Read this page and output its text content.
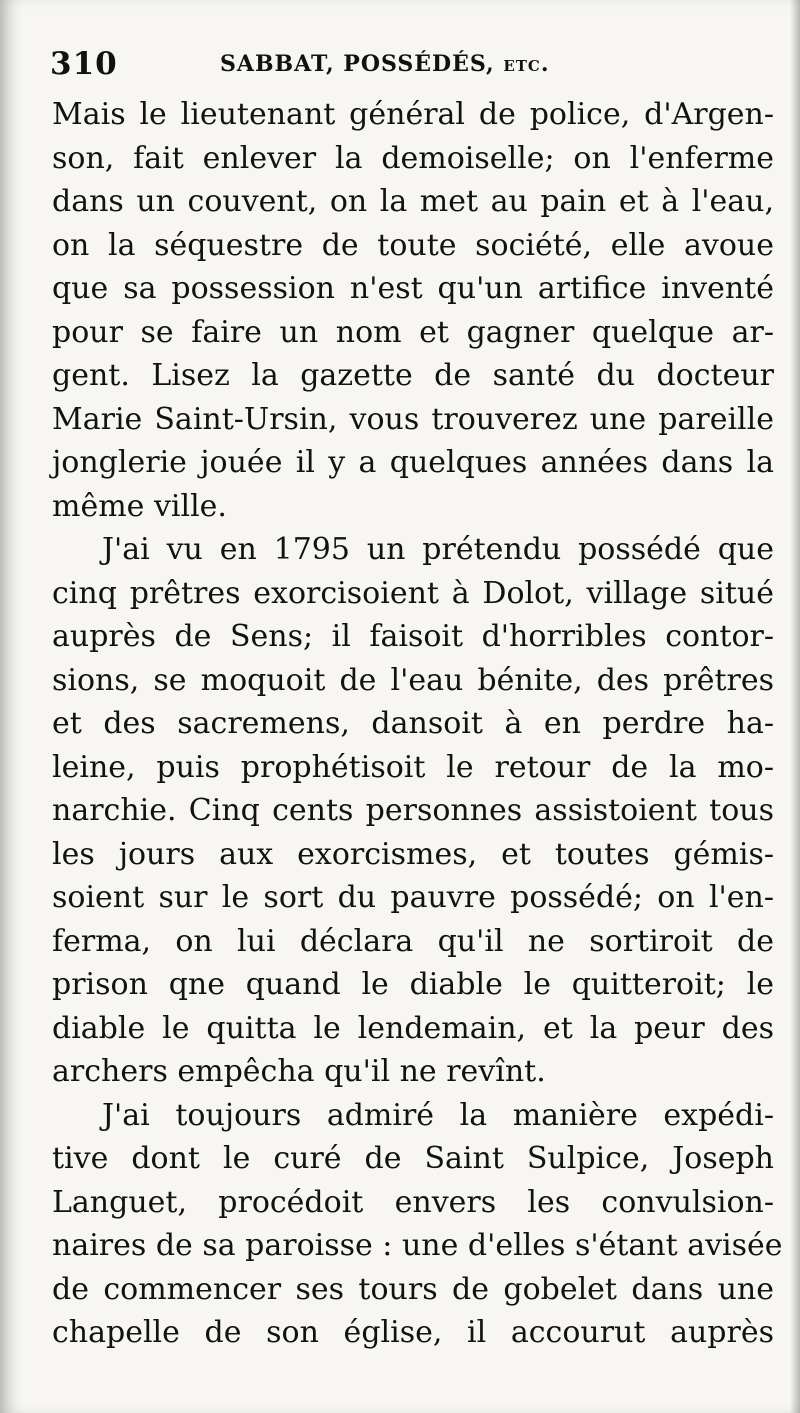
310	SABBAT, POSSÉDÉS, etc.
Mais le lieutenant général de police, d'Argen-
son, fait enlever la demoiselle; on l'enferme
dans un couvent, on la met au pain et à l'eau,
on la séquestre de toute société, elle avoue
que sa possession n'est qu'un artifice inventé
pour se faire un nom et gagner quelque ar-
gent. Lisez la gazette de santé du docteur
Marie Saint-Ursin, vous trouverez une pareille
jonglerie jouée il y a quelques années dans la
même ville.
J'ai vu en 1795 un prétendu possédé que
cinq prêtres exorcisoient à Dolot, village situé
auprès de Sens; il faisoit d'horribles contor-
sions, se moquoit de l'eau bénite, des prêtres
et des sacremens, dansoit à en perdre ha-
leine, puis prophétisoit le retour de la mo-
narchie. Cinq cents personnes assistoient tous
les jours aux exorcismes, et toutes gémis-
soient sur le sort du pauvre possédé; on l'en-
ferma, on lui déclara qu'il ne sortiroit de
prison qne quand le diable le quitteroit; le
diable le quitta le lendemain, et la peur des
archers empêcha qu'il ne revînt.
J'ai toujours admiré la manière expédi-
tive dont le curé de Saint Sulpice, Joseph
Languet, procédoit envers les convulsion-
naires de sa paroisse : une d'elles s'étant avisée
de commencer ses tours de gobelet dans une
chapelle de son église, il accourut auprès
